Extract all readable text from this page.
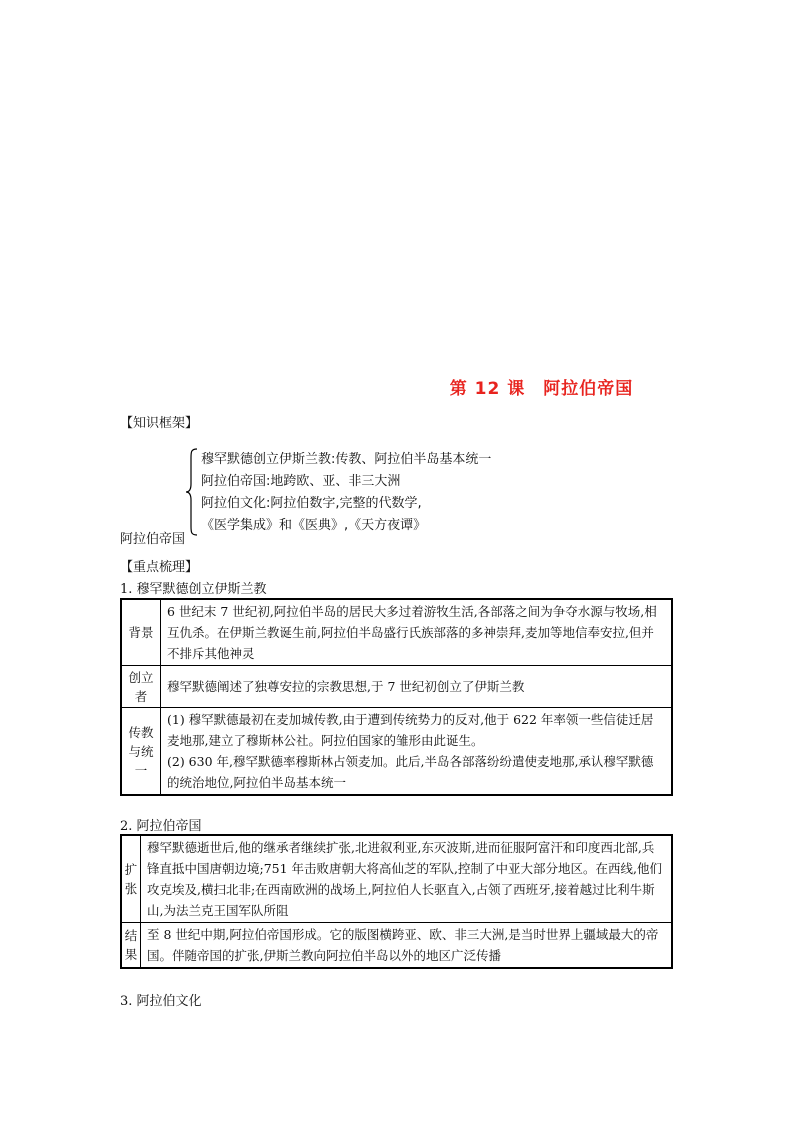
第 12 课　阿拉伯帝国
【知识框架】
穆罕默德创立伊斯兰教:传教、阿拉伯半岛基本统一
阿拉伯帝国:地跨欧、亚、非三大洲
阿拉伯文化:阿拉伯数字,完整的代数学,
《医学集成》和《医典》,《天方夜谭》
阿拉伯帝国
【重点梳理】
1. 穆罕默德创立伊斯兰教
背景	6 世纪末 7 世纪初,阿拉伯半岛的居民大多过着游牧生活,各部落之间为争夺水源与牧场,相互仇杀。在伊斯兰教诞生前,阿拉伯半岛盛行氏族部落的多神崇拜,麦加等地信奉安拉,但并不排斥其他神灵
创立者	穆罕默德阐述了独尊安拉的宗教思想,于 7 世纪初创立了伊斯兰教
传教与统一	(1) 穆罕默德最初在麦加城传教,由于遭到传统势力的反对,他于 622 年率领一些信徒迁居麦地那,建立了穆斯林公社。阿拉伯国家的雏形由此诞生。
(2) 630 年,穆罕默德率穆斯林占领麦加。此后,半岛各部落纷纷遣使麦地那,承认穆罕默德的统治地位,阿拉伯半岛基本统一
2. 阿拉伯帝国
扩张	穆罕默德逝世后,他的继承者继续扩张,北进叙利亚,东灭波斯,进而征服阿富汗和印度西北部,兵锋直抵中国唐朝边境;751 年击败唐朝大将高仙芝的军队,控制了中亚大部分地区。在西线,他们攻克埃及,横扫北非;在西南欧洲的战场上,阿拉伯人长驱直入,占领了西班牙,接着越过比利牛斯山,为法兰克王国军队所阻
结果	至 8 世纪中期,阿拉伯帝国形成。它的版图横跨亚、欧、非三大洲,是当时世界上疆域最大的帝国。伴随帝国的扩张,伊斯兰教向阿拉伯半岛以外的地区广泛传播
3. 阿拉伯文化
